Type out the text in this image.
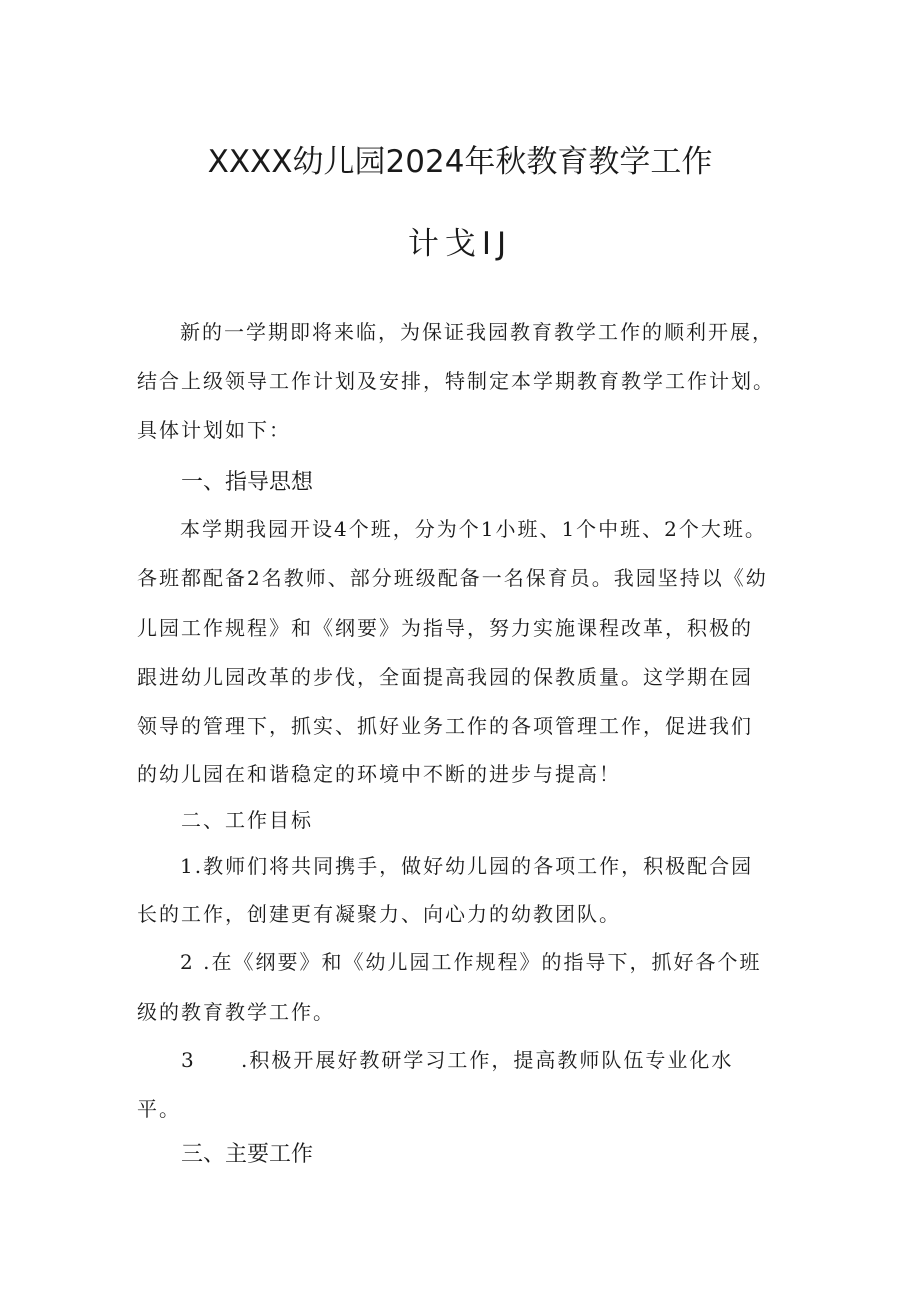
XXXX幼儿园2024年秋教育教学工作
计戈IJ
新的一学期即将来临，为保证我园教育教学工作的顺利开展，
结合上级领导工作计划及安排，特制定本学期教育教学工作计划。
具体计划如下：
一、指导思想
本学期我园开设4个班，分为个1小班、1个中班、2个大班。
各班都配备2名教师、部分班级配备一名保育员。我园坚持以《幼
儿园工作规程》和《纲要》为指导，努力实施课程改革，积极的
跟进幼儿园改革的步伐，全面提高我园的保教质量。这学期在园
领导的管理下，抓实、抓好业务工作的各项管理工作，促进我们
的幼儿园在和谐稳定的环境中不断的进步与提高！
二、工作目标
1.教师们将共同携手，做好幼儿园的各项工作，积极配合园
长的工作，创建更有凝聚力、向心力的幼教团队。
2 .在《纲要》和《幼儿园工作规程》的指导下，抓好各个班
级的教育教学工作。
3 .积极开展好教研学习工作，提高教师队伍专业化水
平。
三、主要工作
